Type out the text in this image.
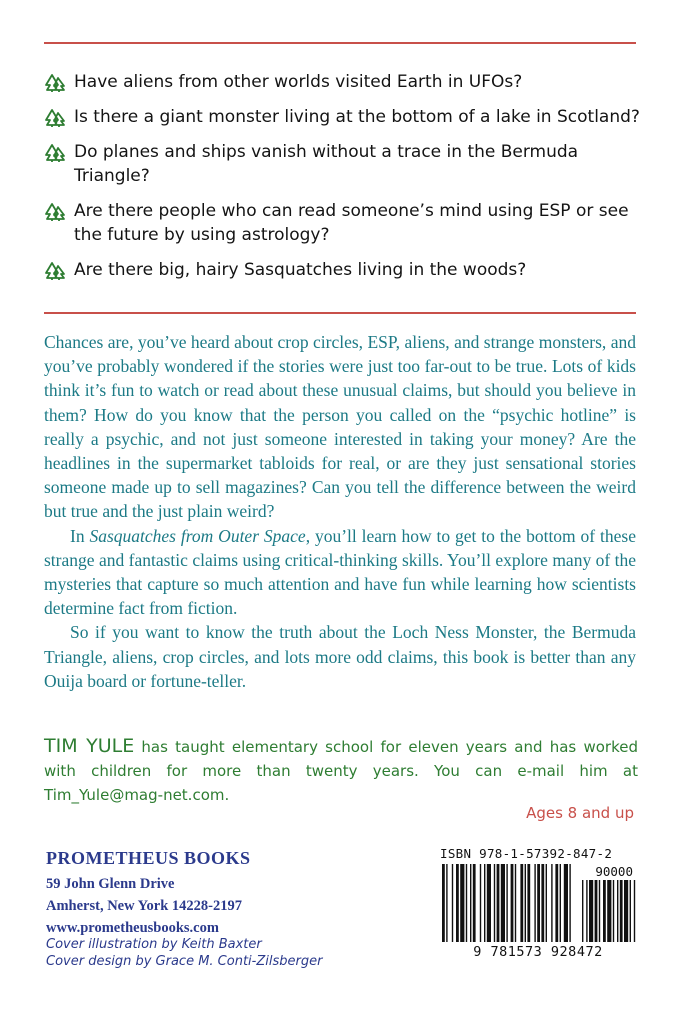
Have aliens from other worlds visited Earth in UFOs?
Is there a giant monster living at the bottom of a lake in Scotland?
Do planes and ships vanish without a trace in the Bermuda Triangle?
Are there people who can read someone’s mind using ESP or see the future by using astrology?
Are there big, hairy Sasquatches living in the woods?

Chances are, you’ve heard about crop circles, ESP, aliens, and strange monsters, and you’ve probably wondered if the stories were just too far-out to be true. Lots of kids think it’s fun to watch or read about these unusual claims, but should you believe in them? How do you know that the person you called on the “psychic hotline” is really a psychic, and not just someone interested in taking your money? Are the headlines in the supermarket tabloids for real, or are they just sensational stories someone made up to sell magazines? Can you tell the difference between the weird but true and the just plain weird?

In Sasquatches from Outer Space, you’ll learn how to get to the bottom of these strange and fantastic claims using critical-thinking skills. You’ll explore many of the mysteries that capture so much attention and have fun while learning how scientists determine fact from fiction.

So if you want to know the truth about the Loch Ness Monster, the Bermuda Triangle, aliens, crop circles, and lots more odd claims, this book is better than any Ouija board or fortune-teller.

TIM YULE has taught elementary school for eleven years and has worked with children for more than twenty years. You can e-mail him at Tim_Yule@mag-net.com.
Ages 8 and up
PROMETHEUS BOOKS
59 John Glenn Drive
Amherst, New York 14228-2197
www.prometheusbooks.com
Cover illustration by Keith Baxter
Cover design by Grace M. Conti-Zilsberger
ISBN 978-1-57392-847-2
90000
9 781573 928472
